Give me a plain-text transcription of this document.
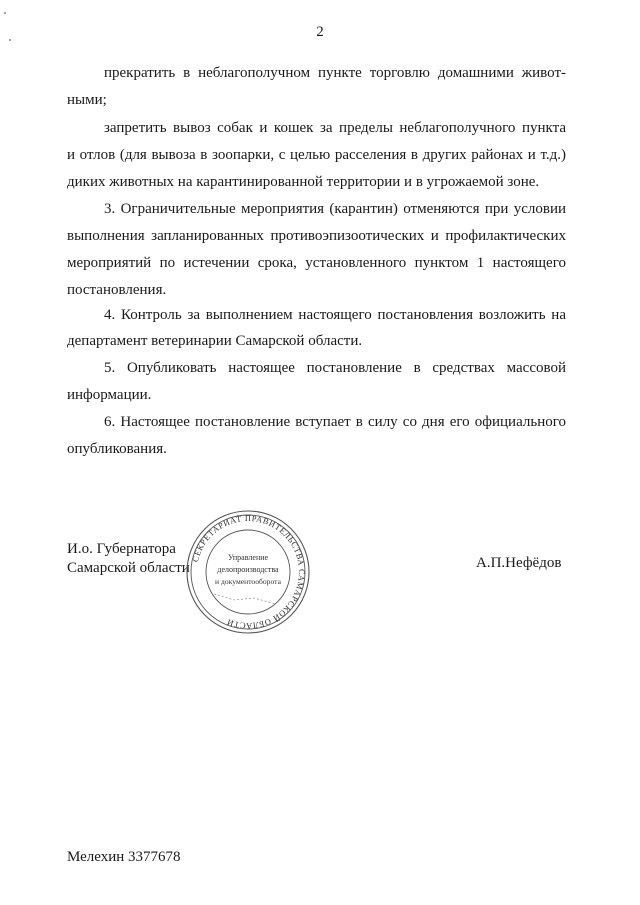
2
прекратить в неблагополучном пункте торговлю домашними живот-
ными;
запретить вывоз собак и кошек за пределы неблагополучного пункта
и отлов (для вывоза в зоопарки, с целью расселения в других районах и т.д.)
диких животных на карантинированной территории и в угрожаемой зоне.
3. Ограничительные мероприятия (карантин) отменяются при условии
выполнения запланированных противоэпизоотических и профилактических
мероприятий по истечении срока, установленного пунктом 1 настоящего
постановления.
4. Контроль за выполнением настоящего постановления возложить на
департамент ветеринарии Самарской области.
5. Опубликовать настоящее постановление в средствах массовой
информации.
6. Настоящее постановление вступает в силу со дня его официального
опубликования.
И.о. Губернатора
Самарской области
СЕКРЕТАРИАТ ПРАВИТЕЛЬСТВА САМАРСКОЙ ОБЛАСТИ
Управление
делопроизводства
и документооборота
А.П.Нефёдов
Мелехин 3377678
